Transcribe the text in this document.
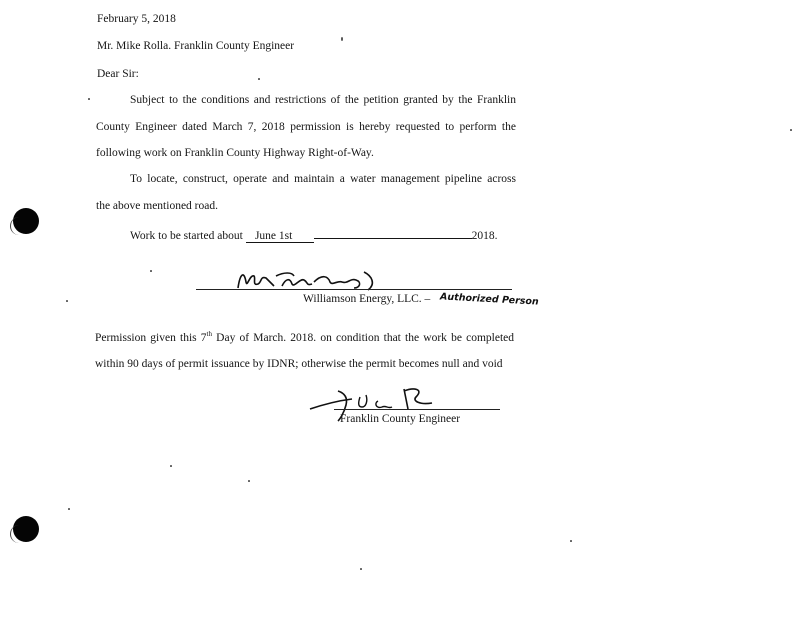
February 5, 2018
Mr. Mike Rolla. Franklin County Engineer
Dear Sir:
Subject to the conditions and restrictions of the petition granted by the Franklin
County Engineer dated March 7, 2018 permission is hereby requested to perform the
following work on Franklin County Highway Right-of-Way.
To locate, construct, operate and maintain a water management pipeline across
the above mentioned road.
Work to be started about June 1st	2018.
Williamson Energy, LLC. – Authorized Person
Permission given this 7th Day of March. 2018. on condition that the work be completed
within 90 days of permit issuance by IDNR; otherwise the permit becomes null and void
Franklin County Engineer
